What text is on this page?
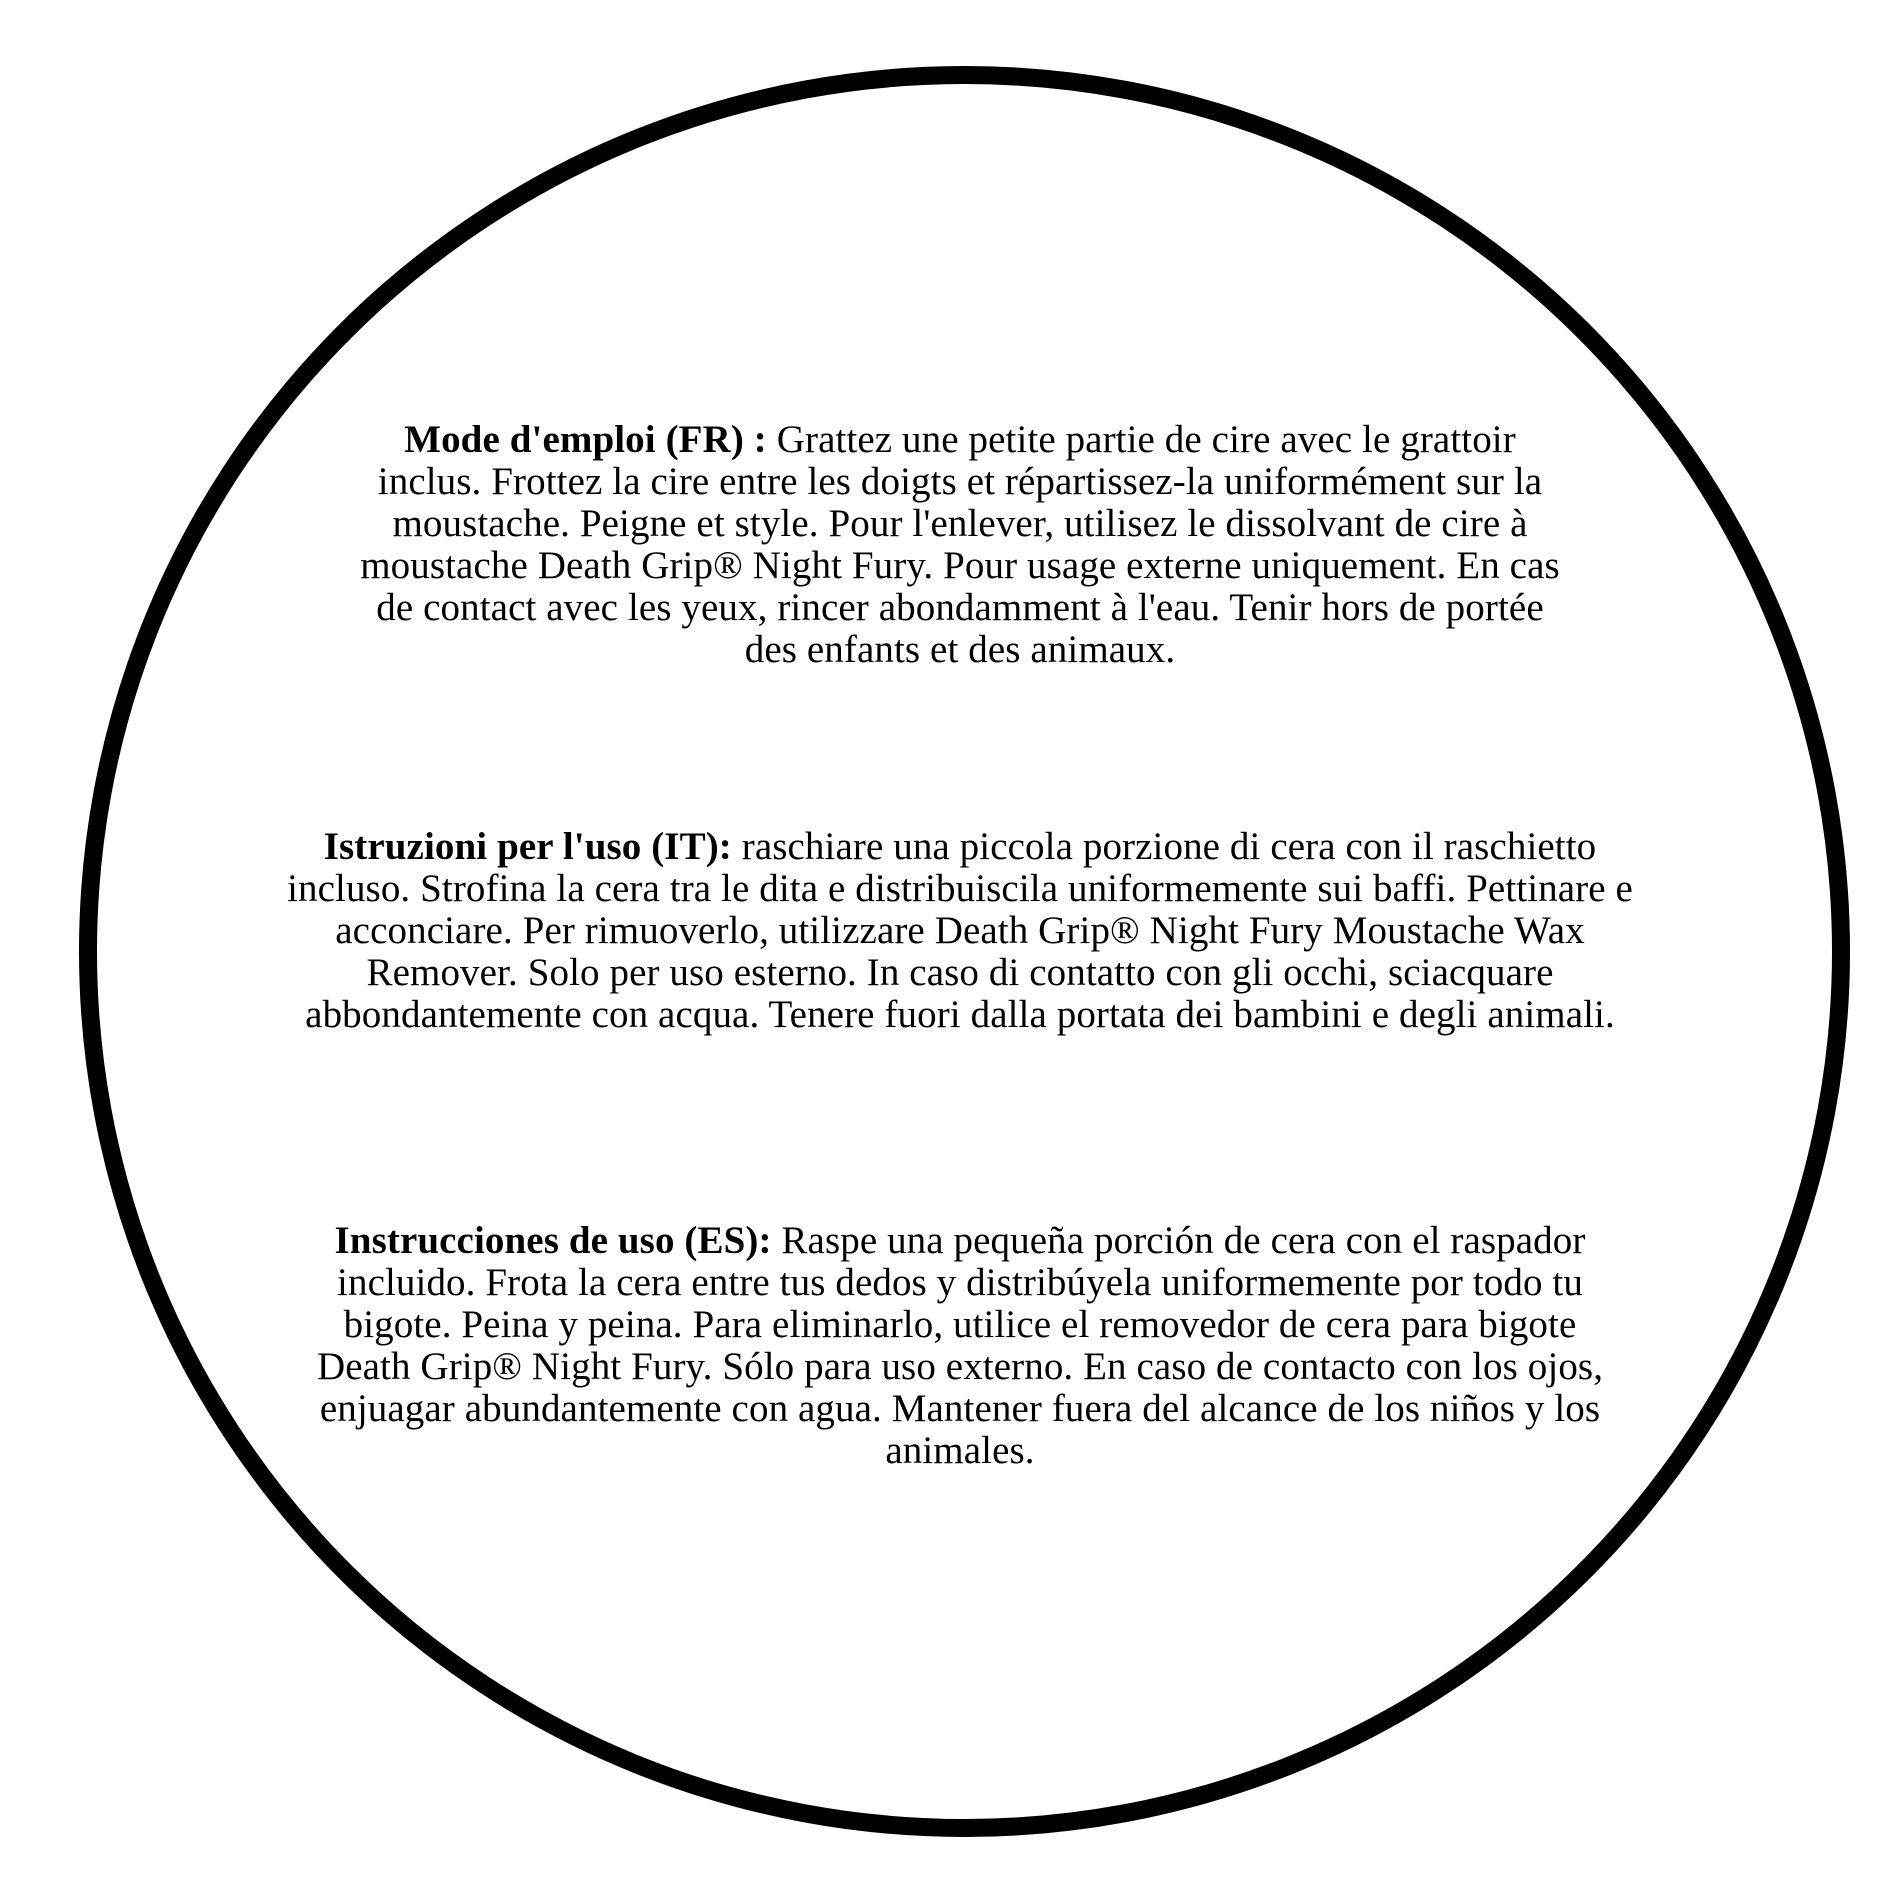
Mode d'emploi (FR) : Grattez une petite partie de cire avec le grattoir inclus. Frottez la cire entre les doigts et répartissez-la uniformément sur la moustache. Peigne et style. Pour l'enlever, utilisez le dissolvant de cire à moustache Death Grip® Night Fury. Pour usage externe uniquement. En cas de contact avec les yeux, rincer abondamment à l'eau. Tenir hors de portée des enfants et des animaux.

Istruzioni per l'uso (IT): raschiare una piccola porzione di cera con il raschietto incluso. Strofina la cera tra le dita e distribuiscila uniformemente sui baffi. Pettinare e acconciare. Per rimuoverlo, utilizzare Death Grip® Night Fury Moustache Wax Remover. Solo per uso esterno. In caso di contatto con gli occhi, sciacquare abbondantemente con acqua. Tenere fuori dalla portata dei bambini e degli animali.

Instrucciones de uso (ES): Raspe una pequeña porción de cera con el raspador incluido. Frota la cera entre tus dedos y distribúyela uniformemente por todo tu bigote. Peina y peina. Para eliminarlo, utilice el removedor de cera para bigote Death Grip® Night Fury. Sólo para uso externo. En caso de contacto con los ojos, enjuagar abundantemente con agua. Mantener fuera del alcance de los niños y los animales.
